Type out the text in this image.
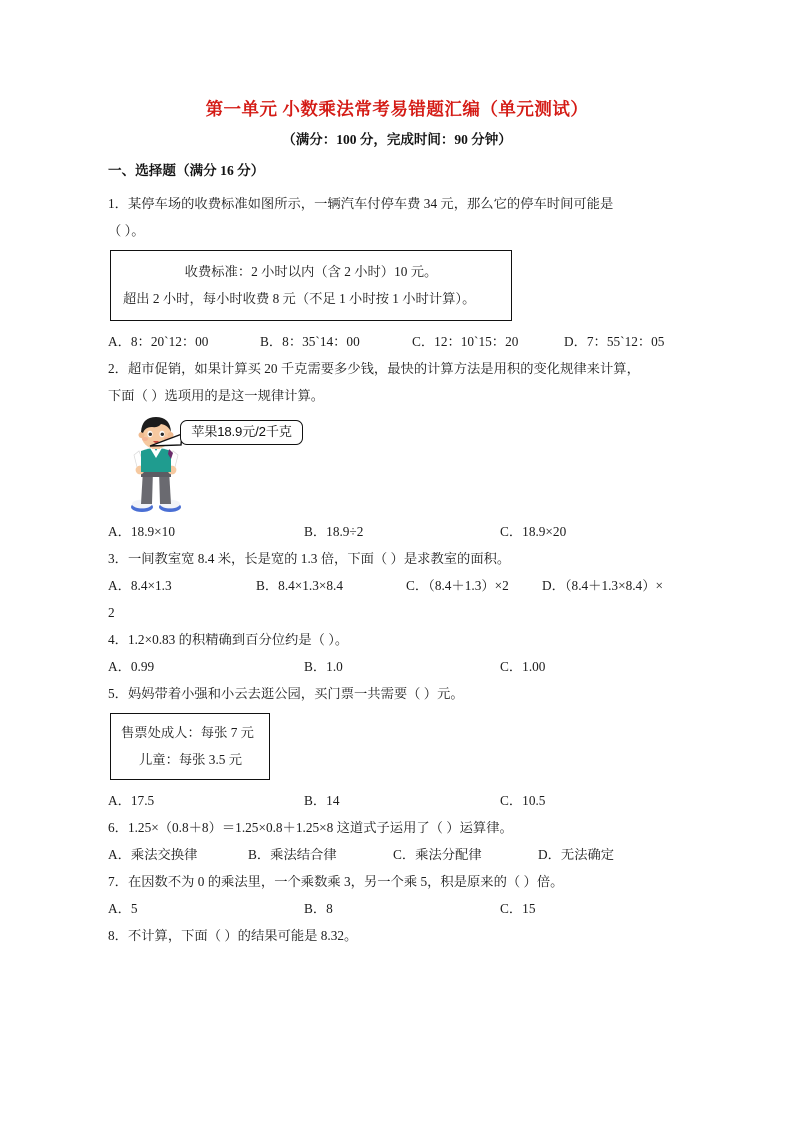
第一单元 小数乘法常考易错题汇编（单元测试）
（满分：100 分，完成时间：90 分钟）
一、选择题（满分 16 分）
1．某停车场的收费标准如图所示，一辆汽车付停车费 34 元，那么它的停车时间可能是
（ ）。
收费标准：2 小时以内（含 2 小时）10 元。
超出 2 小时，每小时收费 8 元（不足 1 小时按 1 小时计算）。
A．8：20`12：00	B．8：35`14：00	C．12：10`15：20	D．7：55`12：05
2．超市促销，如果计算买 20 千克需要多少钱，最快的计算方法是用积的变化规律来计算，
下面（ ）选项用的是这一规律计算。
苹果18.9元/2千克
A．18.9×10	B．18.9÷2	C．18.9×20
3．一间教室宽 8.4 米，长是宽的 1.3 倍，下面（ ）是求教室的面积。
A．8.4×1.3	B．8.4×1.3×8.4	C．（8.4＋1.3）×2 D．（8.4＋1.3×8.4）×
2
4．1.2×0.83 的积精确到百分位约是（ ）。
A．0.99	B．1.0	C．1.00
5．妈妈带着小强和小云去逛公园，买门票一共需要（ ）元。
售票处成人：每张 7 元
儿童：每张 3.5 元
A．17.5	B．14	C．10.5
6．1.25×（0.8＋8）＝1.25×0.8＋1.25×8 这道式子运用了（ ）运算律。
A．乘法交换律	B．乘法结合律	C．乘法分配律	D．无法确定
7．在因数不为 0 的乘法里，一个乘数乘 3，另一个乘 5，积是原来的（ ）倍。
A．5	B．8	C．15
8．不计算，下面（ ）的结果可能是 8.32。
